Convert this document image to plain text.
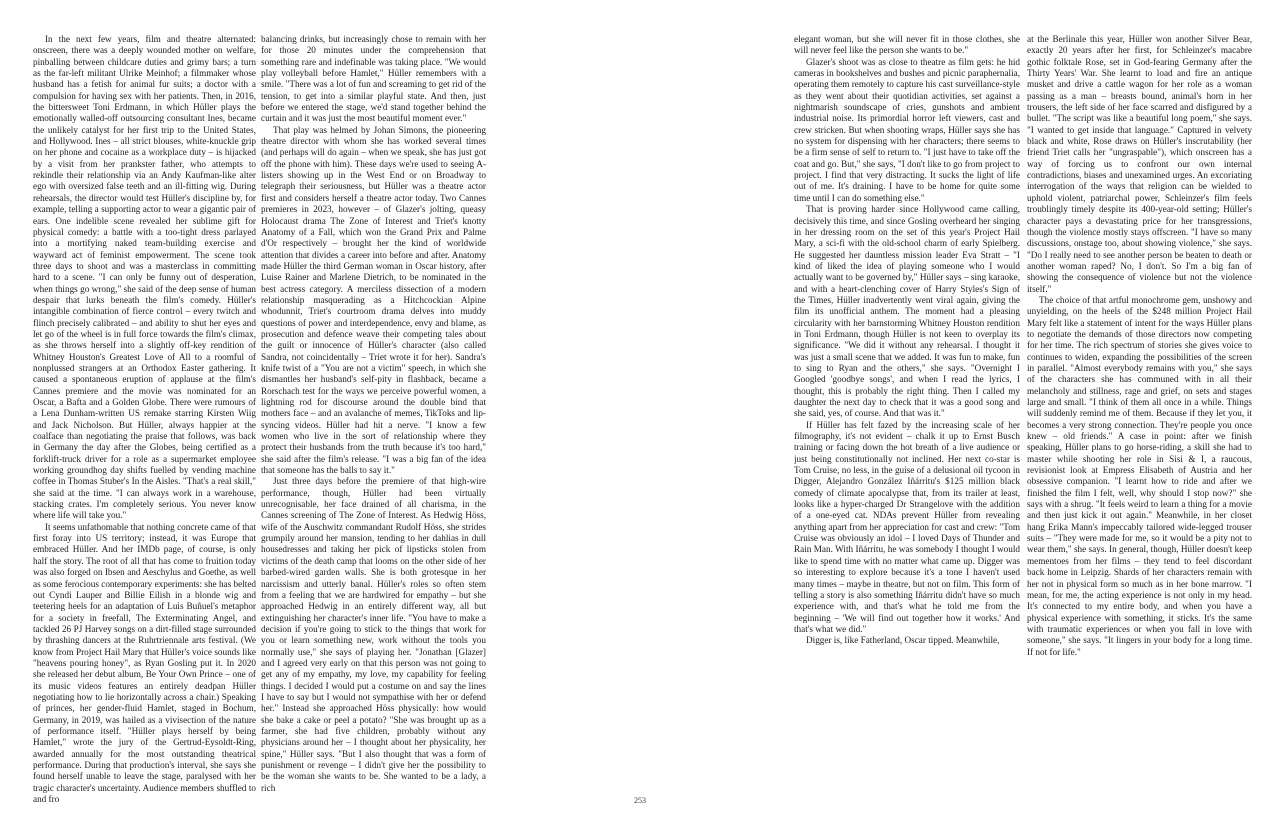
In the next few years, film and theatre alternated: onscreen, there was a deeply wounded mother on welfare, pinballing between childcare duties and grimy bars; a turn as the far-left militant Ulrike Meinhof; a filmmaker whose husband has a fetish for animal fur suits; a doctor with a compulsion for having sex with her patients. Then, in 2016, the bittersweet Toni Erdmann, in which Hüller plays the emotionally walled-off outsourcing consultant Ines, became the unlikely catalyst for her first trip to the United States, and Hollywood. Ines – all strict blouses, white-knuckle grip on her phone and cocaine as a workplace duty – is hijacked by a visit from her prankster father, who attempts to rekindle their relationship via an Andy Kaufman-like alter ego with oversized false teeth and an ill-fitting wig. During rehearsals, the director would test Hüller's discipline by, for example, telling a supporting actor to wear a gigantic pair of ears. One indelible scene revealed her sublime gift for physical comedy: a battle with a too-tight dress parlayed into a mortifying naked team-building exercise and wayward act of feminist empowerment. The scene took three days to shoot and was a masterclass in committing hard to a scene. "I can only be funny out of desperation, when things go wrong," she said of the deep sense of human despair that lurks beneath the film's comedy. Hüller's intangible combination of fierce control – every twitch and flinch precisely calibrated – and ability to shut her eyes and let go of the wheel is in full force towards the film's climax, as she throws herself into a slightly off-key rendition of Whitney Houston's Greatest Love of All to a roomful of nonplussed strangers at an Orthodox Easter gathering. It caused a spontaneous eruption of applause at the film's Cannes premiere and the movie was nominated for an Oscar, a Bafta and a Golden Globe. There were rumours of a Lena Dunham-written US remake starring Kirsten Wiig and Jack Nicholson. But Hüller, always happier at the coalface than negotiating the praise that follows, was back in Germany the day after the Globes, being certified as a forklift-truck driver for a role as a supermarket employee working groundhog day shifts fuelled by vending machine coffee in Thomas Stuber's In the Aisles. "That's a real skill," she said at the time. "I can always work in a warehouse, stacking crates. I'm completely serious. You never know where life will take you."

It seems unfathomable that nothing concrete came of that first foray into US territory; instead, it was Europe that embraced Hüller. And her IMDb page, of course, is only half the story. The root of all that has come to fruition today was also forged on Ibsen and Aeschylus and Goethe, as well as some ferocious contemporary experiments: she has belted out Cyndi Lauper and Billie Eilish in a blonde wig and teetering heels for an adaptation of Luis Buñuel's metaphor for a society in freefall, The Exterminating Angel, and tackled 26 PJ Harvey songs on a dirt-filled stage surrounded by thrashing dancers at the Ruhrtriennale arts festival. (We know from Project Hail Mary that Hüller's voice sounds like "heavens pouring honey", as Ryan Gosling put it. In 2020 she released her debut album, Be Your Own Prince – one of its music videos features an entirely deadpan Hüller negotiating how to lie horizontally across a chair.) Speaking of princes, her gender-fluid Hamlet, staged in Bochum, Germany, in 2019, was hailed as a vivisection of the nature of performance itself. "Hüller plays herself by being Hamlet," wrote the jury of the Gertrud-Eysoldt-Ring, awarded annually for the most outstanding theatrical performance. During that production's interval, she says she found herself unable to leave the stage, paralysed with her tragic character's uncertainty. Audience members shuffled to and fro

balancing drinks, but increasingly chose to remain with her for those 20 minutes under the comprehension that something rare and indefinable was taking place. "We would play volleyball before Hamlet," Hüller remembers with a smile. "There was a lot of fun and screaming to get rid of the tension, to get into a similar playful state. And then, just before we entered the stage, we'd stand together behind the curtain and it was just the most beautiful moment ever."

That play was helmed by Johan Simons, the pioneering theatre director with whom she has worked several times (and perhaps will do again – when we speak, she has just got off the phone with him). These days we're used to seeing A-listers showing up in the West End or on Broadway to telegraph their seriousness, but Hüller was a theatre actor first and considers herself a theatre actor today. Two Cannes premieres in 2023, however – of Glazer's jolting, queasy Holocaust drama The Zone of Interest and Triet's knotty Anatomy of a Fall, which won the Grand Prix and Palme d'Or respectively – brought her the kind of worldwide attention that divides a career into before and after. Anatomy made Hüller the third German woman in Oscar history, after Luise Rainer and Marlene Dietrich, to be nominated in the best actress category. A merciless dissection of a modern relationship masquerading as a Hitchcockian Alpine whodunnit, Triet's courtroom drama delves into muddy questions of power and interdependence, envy and blame, as prosecution and defence weave their competing tales about the guilt or innocence of Hüller's character (also called Sandra, not coincidentally – Triet wrote it for her). Sandra's knife twist of a "You are not a victim" speech, in which she dismantles her husband's self-pity in flashback, became a Rorschach test for the ways we perceive powerful women, a lightning rod for discourse around the double bind that mothers face – and an avalanche of memes, TikToks and lip-syncing videos. Hüller had hit a nerve. "I know a few women who live in the sort of relationship where they protect their husbands from the truth because it's too hard," she said after the film's release. "I was a big fan of the idea that someone has the balls to say it."

Just three days before the premiere of that high-wire performance, though, Hüller had been virtually unrecognisable, her face drained of all charisma, in the Cannes screening of The Zone of Interest. As Hedwig Höss, wife of the Auschwitz commandant Rudolf Höss, she strides grumpily around her mansion, tending to her dahlias in dull housedresses and taking her pick of lipsticks stolen from victims of the death camp that looms on the other side of her barbed-wired garden walls. She is both grotesque in her narcissism and utterly banal. Hüller's roles so often stem from a feeling that we are hardwired for empathy – but she approached Hedwig in an entirely different way, all but extinguishing her character's inner life. "You have to make a decision if you're going to stick to the things that work for you or learn something new, work without the tools you normally use," she says of playing her. "Jonathan [Glazer] and I agreed very early on that this person was not going to get any of my empathy, my love, my capability for feeling things. I decided I would put a costume on and say the lines I have to say but I would not sympathise with her or defend her." Instead she approached Höss physically: how would she bake a cake or peel a potato? "She was brought up as a farmer, she had five children, probably without any physicians around her – I thought about her physicality, her spine," Hüller says. "But I also thought that was a form of punishment or revenge – I didn't give her the possibility to be the woman she wants to be. She wanted to be a lady, a rich

elegant woman, but she will never fit in those clothes, she will never feel like the person she wants to be."

Glazer's shoot was as close to theatre as film gets: he hid cameras in bookshelves and bushes and picnic paraphernalia, operating them remotely to capture his cast surveillance-style as they went about their quotidian activities, set against a nightmarish soundscape of cries, gunshots and ambient industrial noise. Its primordial horror left viewers, cast and crew stricken. But when shooting wraps, Hüller says she has no system for dispensing with her characters; there seems to be a firm sense of self to return to. "I just have to take off the coat and go. But," she says, "I don't like to go from project to project. I find that very distracting. It sucks the light of life out of me. It's draining. I have to be home for quite some time until I can do something else."

That is proving harder since Hollywood came calling, decisively this time, and since Gosling overheard her singing in her dressing room on the set of this year's Project Hail Mary, a sci-fi with the old-school charm of early Spielberg. He suggested her dauntless mission leader Eva Stratt – "I kind of liked the idea of playing someone who I would actually want to be governed by," Hüller says – sing karaoke, and with a heart-clenching cover of Harry Styles's Sign of the Times, Hüller inadvertently went viral again, giving the film its unofficial anthem. The moment had a pleasing circularity with her barnstorming Whitney Houston rendition in Toni Erdmann, though Hüller is not keen to overplay its significance. "We did it without any rehearsal. I thought it was just a small scene that we added. It was fun to make, fun to sing to Ryan and the others," she says. "Overnight I Googled 'goodbye songs', and when I read the lyrics, I thought, this is probably the right thing. Then I called my daughter the next day to check that it was a good song and she said, yes, of course. And that was it."

If Hüller has felt fazed by the increasing scale of her filmography, it's not evident – chalk it up to Ernst Busch training or facing down the hot breath of a live audience or just being constitutionally not inclined. Her next co-star is Tom Cruise, no less, in the guise of a delusional oil tycoon in Digger, Alejandro González Iñárritu's $125 million black comedy of climate apocalypse that, from its trailer at least, looks like a hyper-charged Dr Strangelove with the addition of a one-eyed cat. NDAs prevent Hüller from revealing anything apart from her appreciation for cast and crew: "Tom Cruise was obviously an idol – I loved Days of Thunder and Rain Man. With Iñárritu, he was somebody I thought I would like to spend time with no matter what came up. Digger was so interesting to explore because it's a tone I haven't used many times – maybe in theatre, but not on film. This form of telling a story is also something Iñárritu didn't have so much experience with, and that's what he told me from the beginning – 'We will find out together how it works.' And that's what we did."

Digger is, like Fatherland, Oscar tipped. Meanwhile,

at the Berlinale this year, Hüller won another Silver Bear, exactly 20 years after her first, for Schleinzer's macabre gothic folktale Rose, set in God-fearing Germany after the Thirty Years' War. She learnt to load and fire an antique musket and drive a cattle wagon for her role as a woman passing as a man – breasts bound, animal's horn in her trousers, the left side of her face scarred and disfigured by a bullet. "The script was like a beautiful long poem," she says. "I wanted to get inside that language." Captured in velvety black and white, Rose draws on Hüller's inscrutability (her friend Triet calls her "ungraspable"), which onscreen has a way of forcing us to confront our own internal contradictions, biases and unexamined urges. An excoriating interrogation of the ways that religion can be wielded to uphold violent, patriarchal power, Schleinzer's film feels troublingly timely despite its 400-year-old setting; Hüller's character pays a devastating price for her transgressions, though the violence mostly stays offscreen. "I have so many discussions, onstage too, about showing violence," she says. "Do I really need to see another person be beaten to death or another woman raped? No, I don't. So I'm a big fan of showing the consequence of violence but not the violence itself."

The choice of that artful monochrome gem, unshowy and unyielding, on the heels of the $248 million Project Hail Mary felt like a statement of intent for the ways Hüller plans to negotiate the demands of those directors now competing for her time. The rich spectrum of stories she gives voice to continues to widen, expanding the possibilities of the screen in parallel. "Almost everybody remains with you," she says of the characters she has communed with in all their melancholy and stillness, rage and grief, on sets and stages large and small. "I think of them all once in a while. Things will suddenly remind me of them. Because if they let you, it becomes a very strong connection. They're people you once knew – old friends." A case in point: after we finish speaking, Hüller plans to go horse-riding, a skill she had to master while shooting her role in Sisi & I, a raucous, revisionist look at Empress Elisabeth of Austria and her obsessive companion. "I learnt how to ride and after we finished the film I felt, well, why should I stop now?" she says with a shrug. "It feels weird to learn a thing for a movie and then just kick it out again." Meanwhile, in her closet hang Erika Mann's impeccably tailored wide-legged trouser suits – "They were made for me, so it would be a pity not to wear them," she says. In general, though, Hüller doesn't keep mementoes from her films – they tend to feel discordant back home in Leipzig. Shards of her characters remain with her not in physical form so much as in her bone marrow. "I mean, for me, the acting experience is not only in my head. It's connected to my entire body, and when you have a physical experience with something, it sticks. It's the same with traumatic experiences or when you fall in love with someone," she says. "It lingers in your body for a long time. If not for life."

253
